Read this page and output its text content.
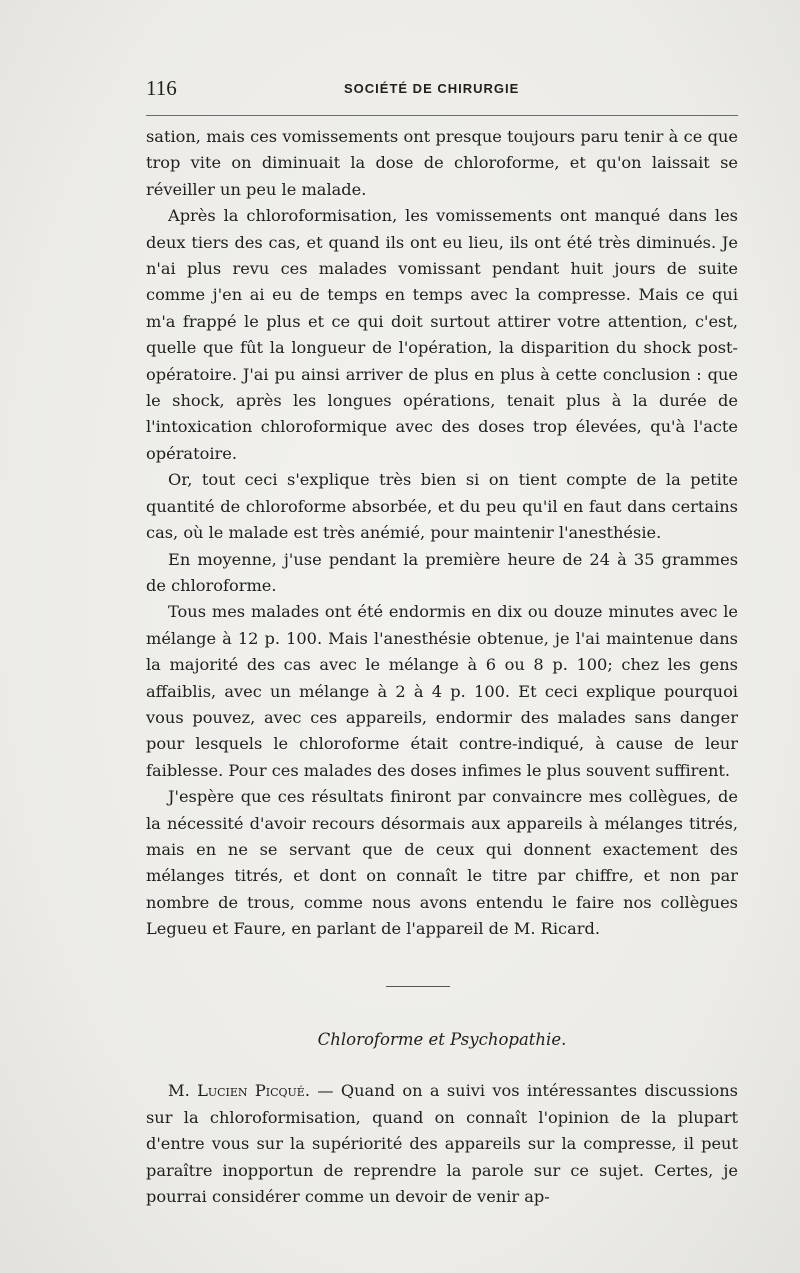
116	SOCIÉTÉ DE CHIRURGIE

sation, mais ces vomissements ont presque toujours paru tenir à ce que trop vite on diminuait la dose de chloroforme, et qu'on laissait se réveiller un peu le malade.

Après la chloroformisation, les vomissements ont manqué dans les deux tiers des cas, et quand ils ont eu lieu, ils ont été très diminués. Je n'ai plus revu ces malades vomissant pendant huit jours de suite comme j'en ai eu de temps en temps avec la compresse. Mais ce qui m'a frappé le plus et ce qui doit surtout attirer votre attention, c'est, quelle que fût la longueur de l'opération, la disparition du shock post-opératoire. J'ai pu ainsi arriver de plus en plus à cette conclusion : que le shock, après les longues opérations, tenait plus à la durée de l'intoxication chloroformique avec des doses trop élevées, qu'à l'acte opératoire.

Or, tout ceci s'explique très bien si on tient compte de la petite quantité de chloroforme absorbée, et du peu qu'il en faut dans certains cas, où le malade est très anémié, pour maintenir l'anesthésie.

En moyenne, j'use pendant la première heure de 24 à 35 grammes de chloroforme.

Tous mes malades ont été endormis en dix ou douze minutes avec le mélange à 12 p. 100. Mais l'anesthésie obtenue, je l'ai maintenue dans la majorité des cas avec le mélange à 6 ou 8 p. 100; chez les gens affaiblis, avec un mélange à 2 à 4 p. 100. Et ceci explique pourquoi vous pouvez, avec ces appareils, endormir des malades sans danger pour lesquels le chloroforme était contre-indiqué, à cause de leur faiblesse. Pour ces malades des doses infimes le plus souvent suffirent.

J'espère que ces résultats finiront par convaincre mes collègues, de la nécessité d'avoir recours désormais aux appareils à mélanges titrés, mais en ne se servant que de ceux qui donnent exactement des mélanges titrés, et dont on connaît le titre par chiffre, et non par nombre de trous, comme nous avons entendu le faire nos collègues Legueu et Faure, en parlant de l'appareil de M. Ricard.

Chloroforme et Psychopathie.

M. Lucien Picqué. — Quand on a suivi vos intéressantes discussions sur la chloroformisation, quand on connaît l'opinion de la plupart d'entre vous sur la supériorité des appareils sur la compresse, il peut paraître inopportun de reprendre la parole sur ce sujet. Certes, je pourrai considérer comme un devoir de venir ap-
